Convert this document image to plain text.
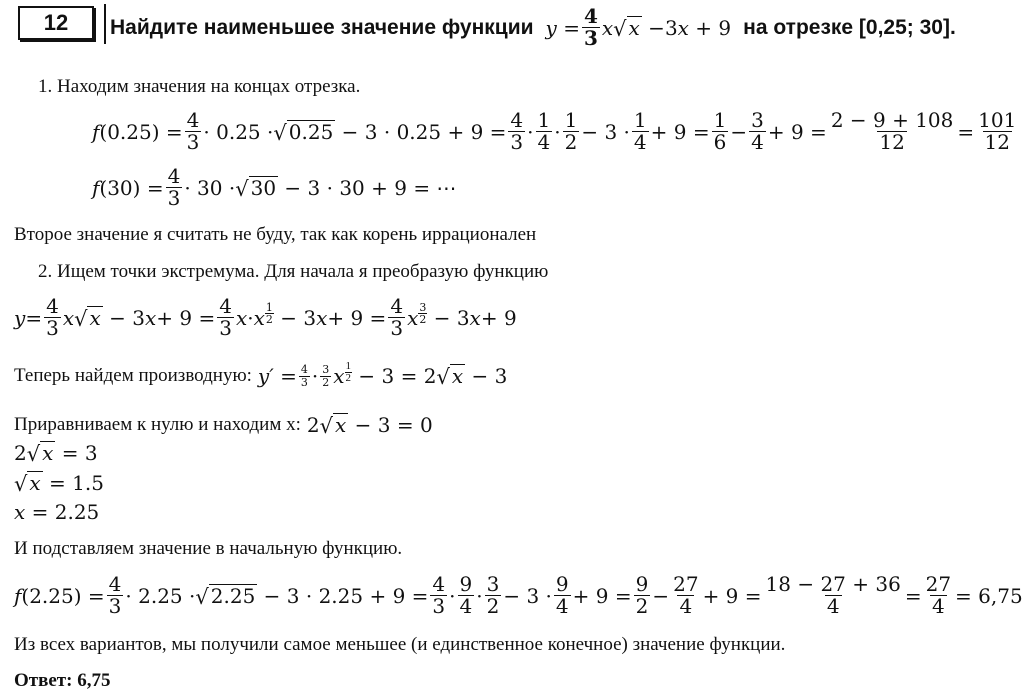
12 Найдите наименьшее значение функции $y = \frac{4}{3}$ x √ x −3x + 9 на отрезке [0,25; 30].
1. Находим значения на концах отрезка.
f (0.25) = 4
3 · 0.25 · √ 0.25 − 3 · 0.25 + 9 = 4
3 · 1
4 · 1
2 − 3 · 1
4 + 9 = 1
6 − 3
4 + 9 = 2 − 9 + 108
12	= 101
12
f (30) = 4
3 · 30 · √ 30 − 3 · 30 + 9 = ⋯
Второе значение я считать не буду, так как корень иррационален
2. Ищем точки экстремума. Для начала я преобразую функцию
y = 4
3 x √ x − 3 x + 9 = 4
3 x · x $^{1 2}$ − 3 x + 9 = 4
3 x $^{3 2}$ − 3 x + 9
Теперь найдем производную: $y' = \frac{4}{3} \cdot 3$
2 x $^{1 2}$ − 3 = 2 √ x − 3
Приравниваем к нулю и находим x: 2 √ x − 3 = 0
2 √ x = 3
√ x = 1.5
x = 2.25
И подставляем значение в начальную функцию.
f (2.25) = 4
3 · 2.25 · √ 2.25 − 3 · 2.25 + 9 = 4
3 · 9
4 · 3
2 − 3 · 9
4 + 9 = 9
2 − 27
4 + 9 = 18 − 27 + 36
4	= 27
4 = 6,75
Из всех вариантов, мы получили самое меньшее (и единственное конечное) значение функции.
Ответ: 6,75
